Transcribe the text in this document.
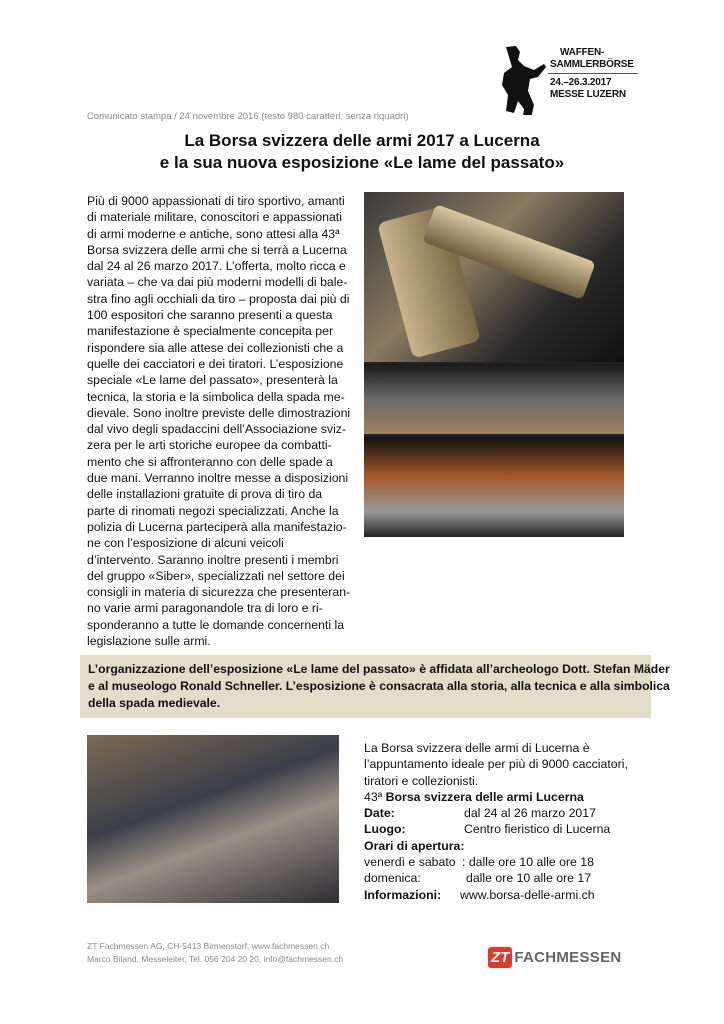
WAFFEN-
SAMMLERBÖRSE
24.–26.3.2017
MESSE LUZERN
Comunicato stampa / 24 novembre 2016 (testo 980 caratteri, senza riquadri)
La Borsa svizzera delle armi 2017 a Lucerna
e la sua nuova esposizione «Le lame del passato»
Più di 9000 appassionati di tiro sportivo, amanti
di materiale militare, conoscitori e appassionati
di armi moderne e antiche, sono attesi alla 43ª
Borsa svizzera delle armi che si terrà a Lucerna
dal 24 al 26 marzo 2017. L’offerta, molto ricca e
variata – che va dai più moderni modelli di bale-
stra fino agli occhiali da tiro – proposta dai più di
100 espositori che saranno presenti a questa
manifestazione è specialmente concepita per
rispondere sia alle attese dei collezionisti che a
quelle dei cacciatori e dei tiratori. L’esposizione
speciale «Le lame del passato», presenterà la
tecnica, la storia e la simbolica della spada me-
dievale. Sono inoltre previste delle dimostrazioni
dal vivo degli spadaccini dell’Associazione sviz-
zera per le arti storiche europee da combatti-
mento che si affronteranno con delle spade a
due mani. Verranno inoltre messe a disposizioni
delle installazioni gratuite di prova di tiro da
parte di rinomati negozi specializzati. Anche la
polizia di Lucerna parteciperà alla manifestazio-
ne con l’esposizione di alcuni veicoli
d’intervento. Saranno inoltre presenti i membri
del gruppo «Siber», specializzati nel settore dei
consigli in materia di sicurezza che presenteran-
no varie armi paragonandole tra di loro e ri-
sponderanno a tutte le domande concernenti la
legislazione sulle armi.
L’organizzazione dell’esposizione «Le lame del passato» è affidata all’archeologo Dott. Stefan Mäder
e al museologo Ronald Schneller. L’esposizione è consacrata alla storia, alla tecnica e alla simbolica
della spada medievale.
La Borsa svizzera delle armi di Lucerna è
l’appuntamento ideale per più di 9000 cacciatori,
tiratori e collezionisti.
43ª
Borsa svizzera delle armi Lucerna
Date:	dal 24 al 26 marzo 2017
Luogo:	Centro fieristico di Lucerna
Orari di apertura:
venerdì e sabato : dalle ore 10 alle ore 18
domenica:	dalle ore 10 alle ore 17
Informazioni:	www.borsa-delle-armi.ch
ZT Fachmessen AG, CH-5413 Birmenstorf, www.fachmessen.ch
Marco Biland, Messeleiter, Tel. 056 204 20 20, info@fachmessen.ch	ZT FACHMESSEN
